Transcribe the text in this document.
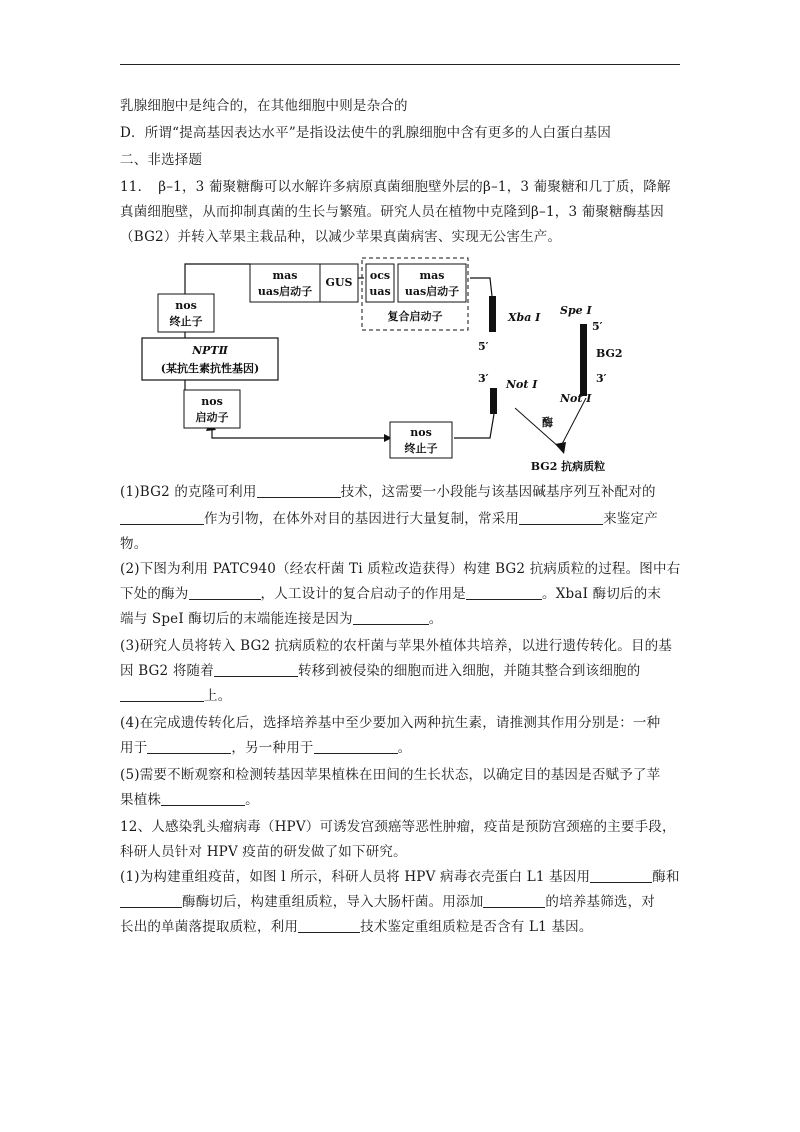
乳腺细胞中是纯合的，在其他细胞中则是杂合的
D．所谓“提高基因表达水平”是指设法使牛的乳腺细胞中含有更多的人白蛋白基因
二、非选择题
11．　β–1，3 葡聚糖酶可以水解许多病原真菌细胞壁外层的β–1，3 葡聚糖和几丁质，降解
真菌细胞壁，从而抑制真菌的生长与繁殖。研究人员在植物中克隆到β–1，3 葡聚糖酶基因
（BG2）并转入苹果主栽品种，以减少苹果真菌病害、实现无公害生产。
mas
uas启动子
GUS
ocs
uas
mas
uas启动子
复合启动子
nos
终止子
NPTⅡ
(某抗生素抗性基因)
nos
启动子
nos
终止子
Xba Ⅰ
5′
3′ Not Ⅰ
Spe Ⅰ
5′
BG2
3′
Not Ⅰ
酶
BG2 抗病质粒
(1)BG2 的克隆可利用	技术，这需要一小段能与该基因碱基序列互补配对的
作为引物，在体外对目的基因进行大量复制，常采用	来鉴定产
物。
(2)下图为利用 PATC940（经农杆菌 Ti 质粒改造获得）构建 BG2 抗病质粒的过程。图中右
下处的酶为	，人工设计的复合启动子的作用是	。XbaI 酶切后的末
端与 SpeI 酶切后的末端能连接是因为	。
(3)研究人员将转入 BG2 抗病质粒的农杆菌与苹果外植体共培养，以进行遗传转化。目的基
因 BG2 将随着	转移到被侵染的细胞而进入细胞，并随其整合到该细胞的
上。
(4)在完成遗传转化后，选择培养基中至少要加入两种抗生素，请推测其作用分别是：一种
用于	，另一种用于	。
(5)需要不断观察和检测转基因苹果植株在田间的生长状态，以确定目的基因是否赋予了苹
果植株	。
12、人感染乳头瘤病毒（HPV）可诱发宫颈癌等恶性肿瘤，疫苗是预防宫颈癌的主要手段，
科研人员针对 HPV 疫苗的研发做了如下研究。
(1)为构建重组疫苗，如图 l 所示，科研人员将 HPV 病毒衣壳蛋白 L1 基因用	酶和
酶酶切后，构建重组质粒，导入大肠杆菌。用添加	的培养基筛选，对
长出的单菌落提取质粒，利用	技术鉴定重组质粒是否含有 L1 基因。
